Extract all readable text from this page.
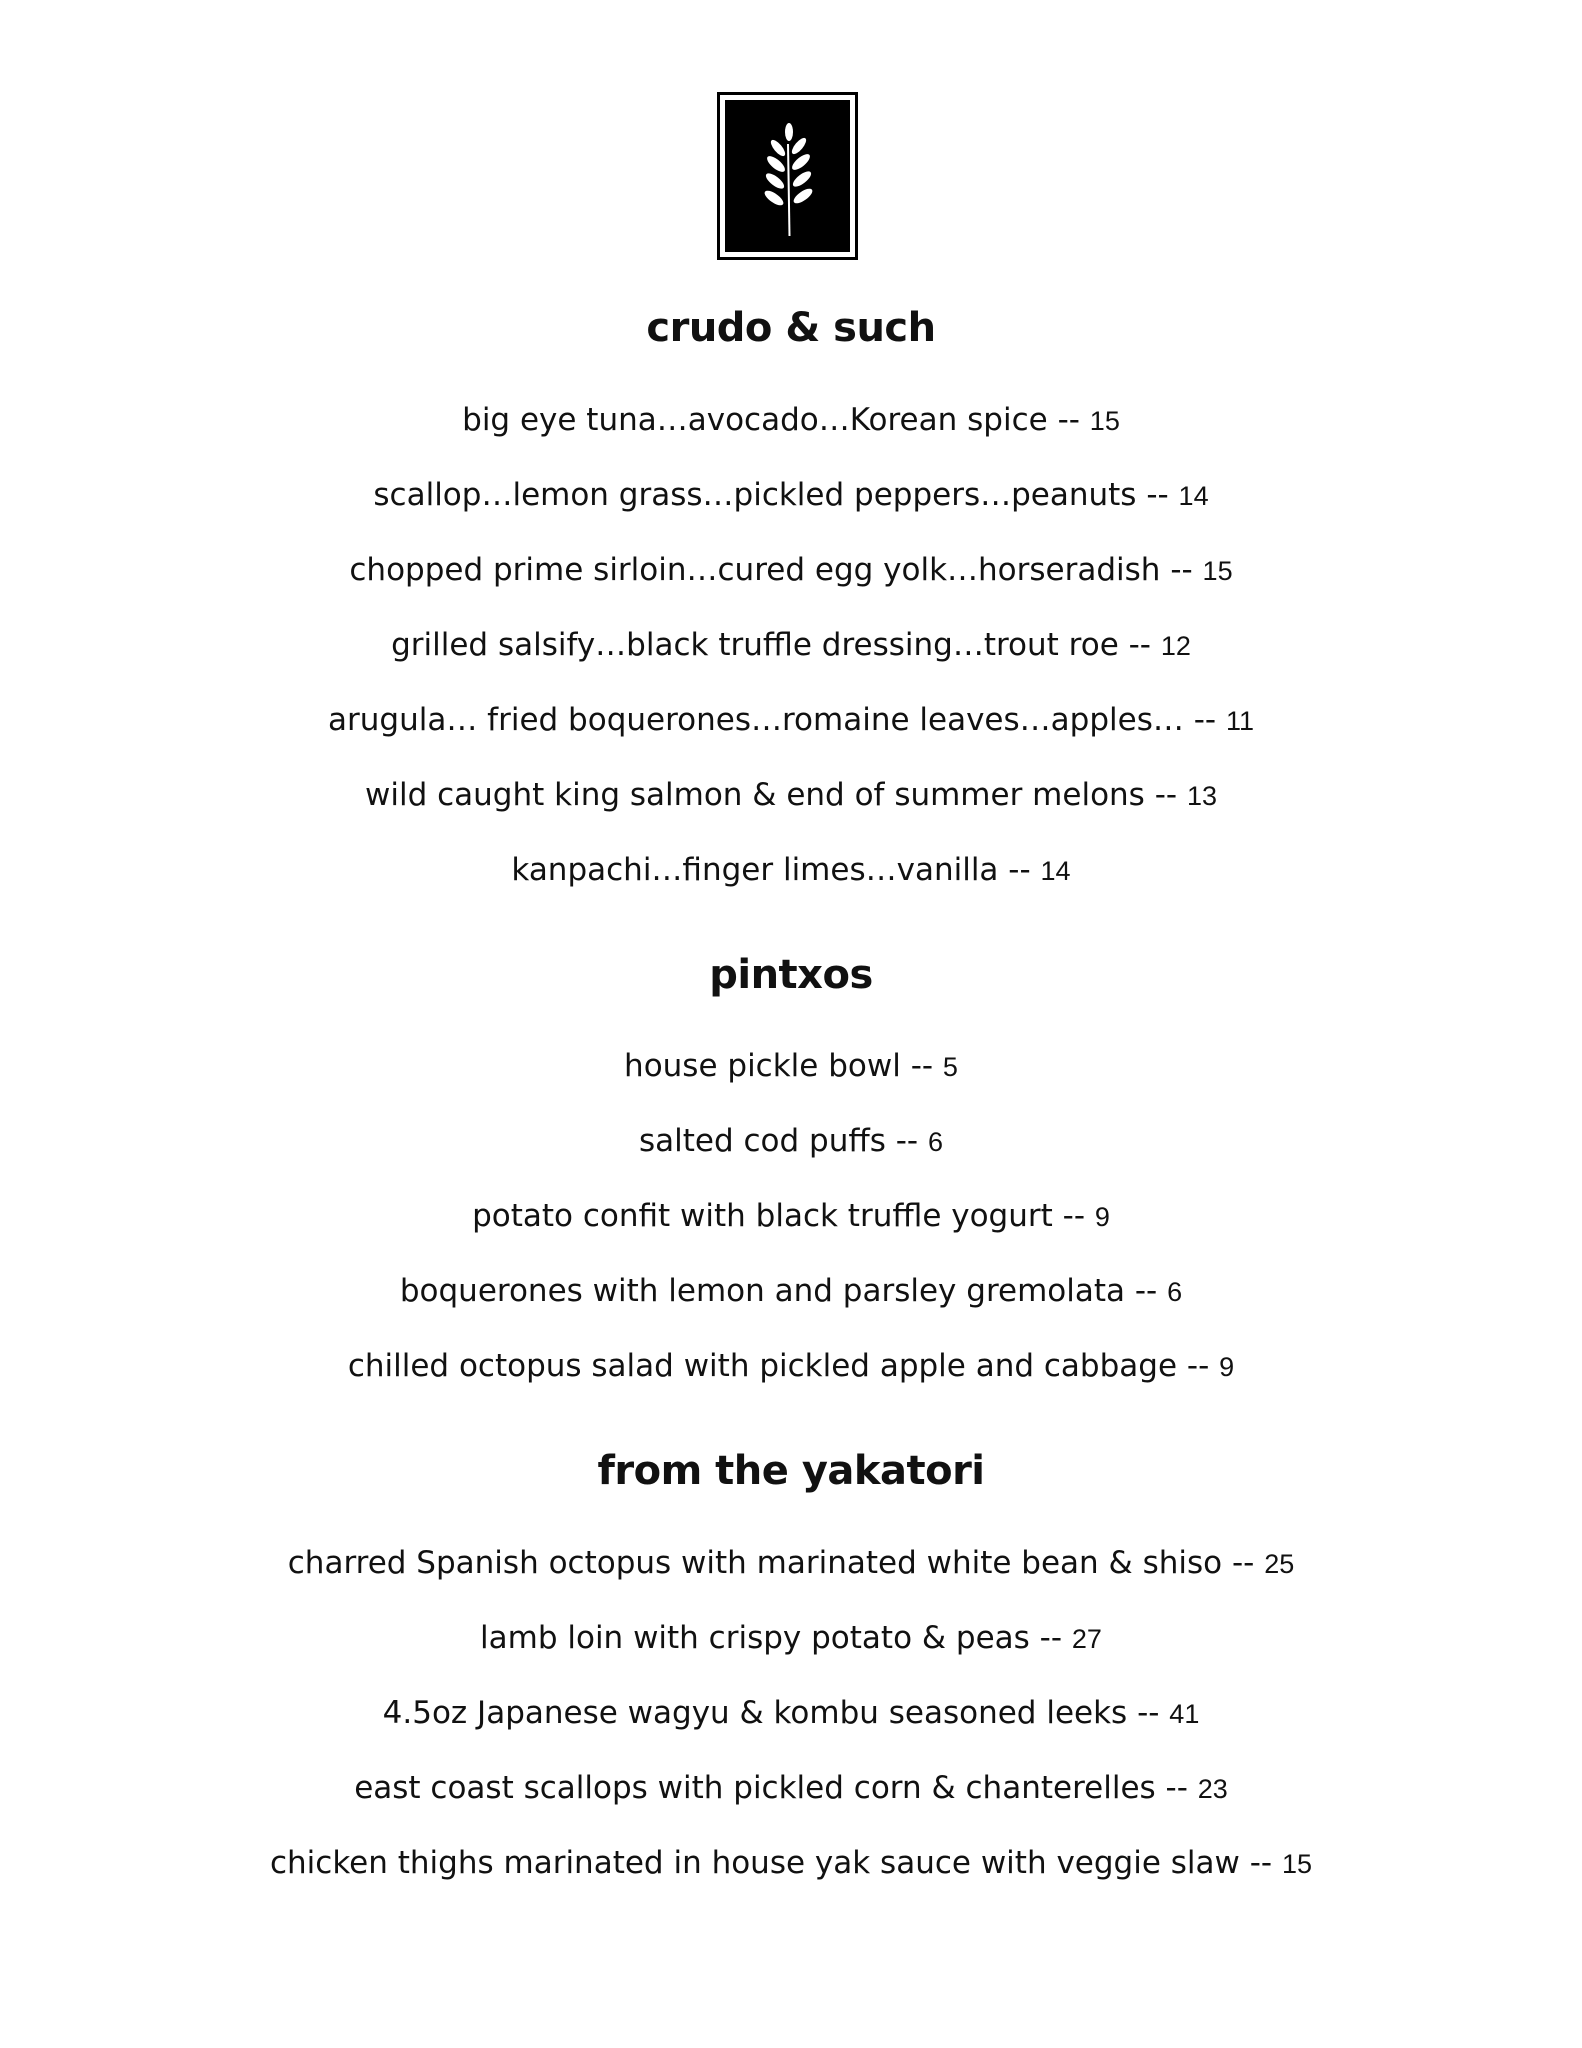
crudo & such
big eye tuna…avocado…Korean spice -- 15
scallop…lemon grass…pickled peppers…peanuts -- 14
chopped prime sirloin…cured egg yolk…horseradish -- 15
grilled salsify…black truffle dressing…trout roe -- 12
arugula… fried boquerones…romaine leaves…apples… -- 11
wild caught king salmon & end of summer melons -- 13
kanpachi…finger limes…vanilla -- 14
pintxos
house pickle bowl -- 5
salted cod puffs -- 6
potato confit with black truffle yogurt -- 9
boquerones with lemon and parsley gremolata -- 6
chilled octopus salad with pickled apple and cabbage -- 9
from the yakatori
charred Spanish octopus with marinated white bean & shiso -- 25
lamb loin with crispy potato & peas -- 27
4.5oz Japanese wagyu & kombu seasoned leeks -- 41
east coast scallops with pickled corn & chanterelles -- 23
chicken thighs marinated in house yak sauce with veggie slaw -- 15
